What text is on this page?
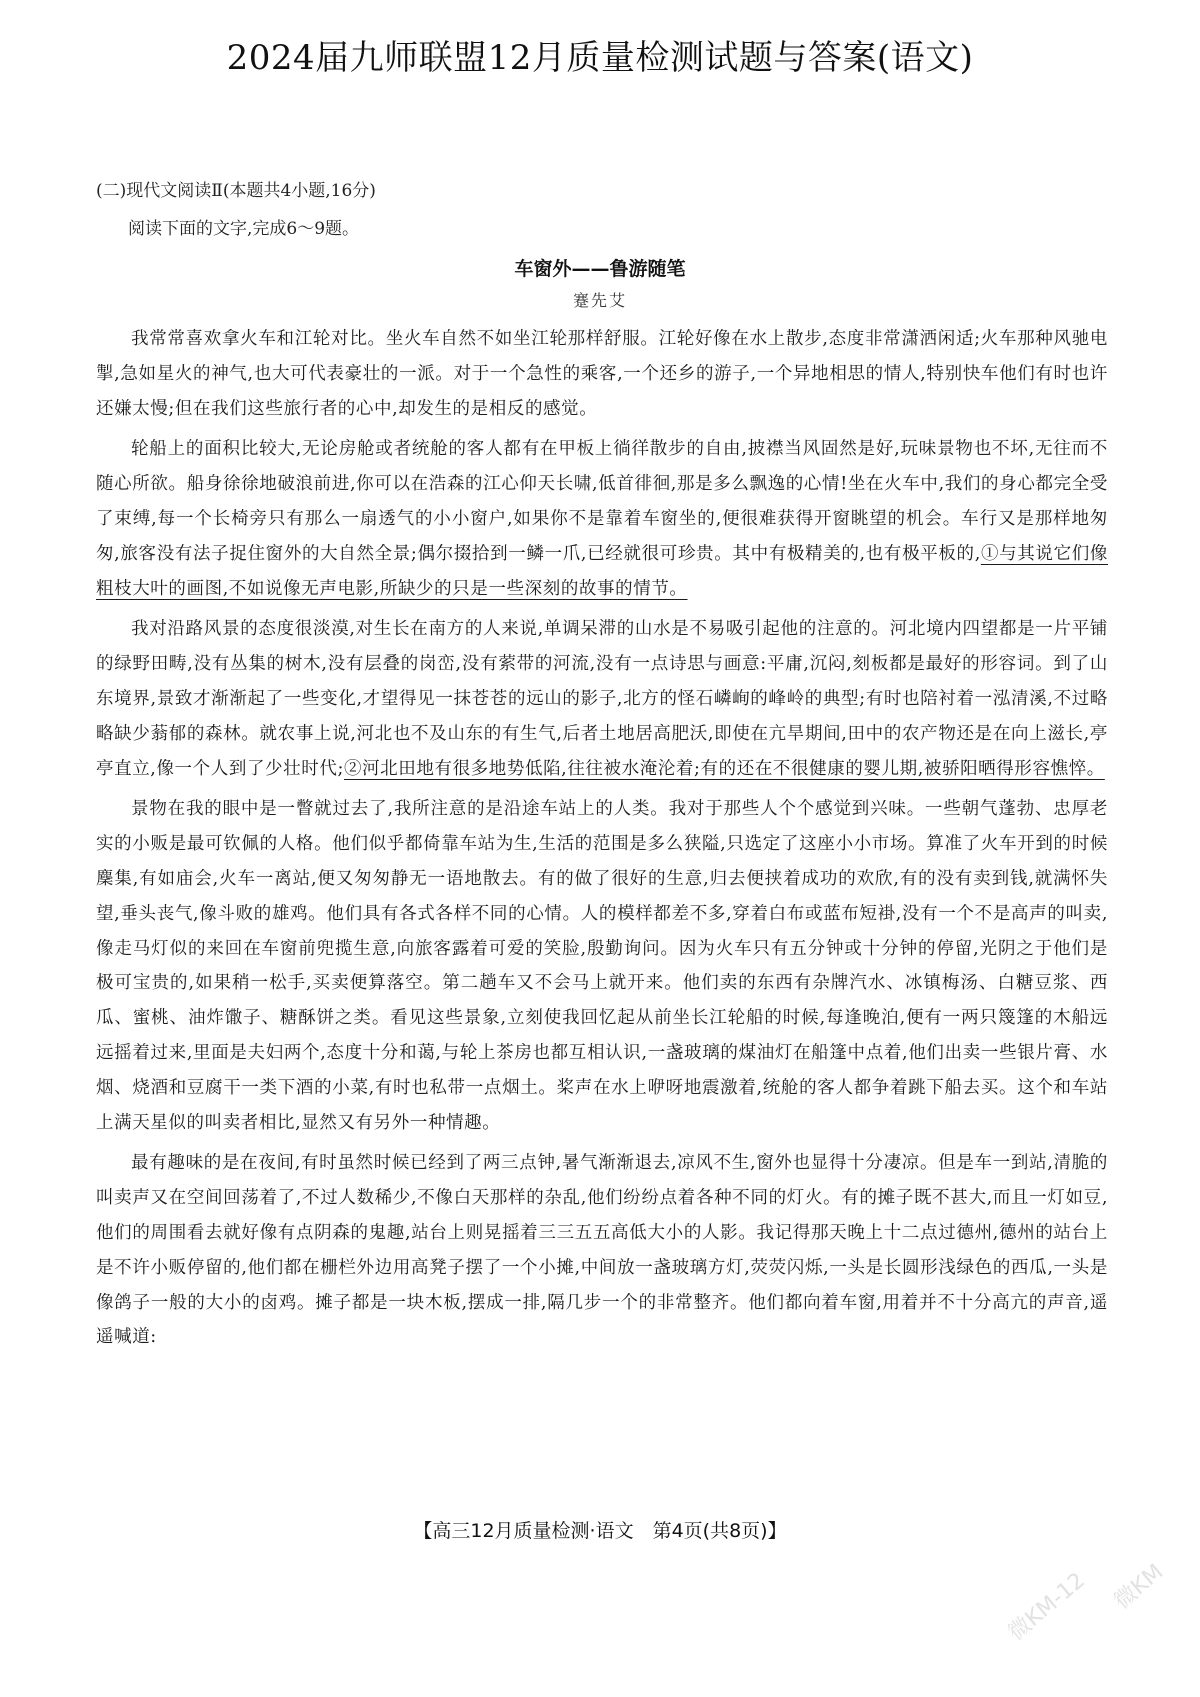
2024届九师联盟12月质量检测试题与答案(语文)
(二)现代文阅读Ⅱ(本题共4小题,16分)
阅读下面的文字,完成6～9题。
车窗外——鲁游随笔
蹇先艾

我常常喜欢拿火车和江轮对比。坐火车自然不如坐江轮那样舒服。江轮好像在水上散步,态度非常潇洒闲适;火车那种风驰电掣,急如星火的神气,也大可代表豪壮的一派。对于一个急性的乘客,一个还乡的游子,一个异地相思的情人,特别快车他们有时也许还嫌太慢;但在我们这些旅行者的心中,却发生的是相反的感觉。

轮船上的面积比较大,无论房舱或者统舱的客人都有在甲板上徜徉散步的自由,披襟当风固然是好,玩味景物也不坏,无往而不随心所欲。船身徐徐地破浪前进,你可以在浩森的江心仰天长啸,低首徘徊,那是多么飘逸的心情!坐在火车中,我们的身心都完全受了束缚,每一个长椅旁只有那么一扇透气的小小窗户,如果你不是靠着车窗坐的,便很难获得开窗眺望的机会。车行又是那样地匆匆,旅客没有法子捉住窗外的大自然全景;偶尔掇拾到一鳞一爪,已经就很可珍贵。其中有极精美的,也有极平板的,①与其说它们像粗枝大叶的画图,不如说像无声电影,所缺少的只是一些深刻的故事的情节。

我对沿路风景的态度很淡漠,对生长在南方的人来说,单调呆滞的山水是不易吸引起他的注意的。河北境内四望都是一片平铺的绿野田畴,没有丛集的树木,没有层叠的岗峦,没有萦带的河流,没有一点诗思与画意:平庸,沉闷,刻板都是最好的形容词。到了山东境界,景致才渐渐起了一些变化,才望得见一抹苍苍的远山的影子,北方的怪石嶙峋的峰岭的典型;有时也陪衬着一泓清溪,不过略略缺少蓊郁的森林。就农事上说,河北也不及山东的有生气,后者土地居高肥沃,即使在亢旱期间,田中的农产物还是在向上滋长,亭亭直立,像一个人到了少壮时代;②河北田地有很多地势低陷,往往被水淹沦着;有的还在不很健康的婴儿期,被骄阳晒得形容憔悴。

景物在我的眼中是一瞥就过去了,我所注意的是沿途车站上的人类。我对于那些人个个感觉到兴味。一些朝气蓬勃、忠厚老实的小贩是最可钦佩的人格。他们似乎都倚靠车站为生,生活的范围是多么狭隘,只选定了这座小小市场。算准了火车开到的时候麇集,有如庙会,火车一离站,便又匆匆静无一语地散去。有的做了很好的生意,归去便挟着成功的欢欣,有的没有卖到钱,就满怀失望,垂头丧气,像斗败的雄鸡。他们具有各式各样不同的心情。人的模样都差不多,穿着白布或蓝布短褂,没有一个不是高声的叫卖,像走马灯似的来回在车窗前兜揽生意,向旅客露着可爱的笑脸,殷勤询问。因为火车只有五分钟或十分钟的停留,光阴之于他们是极可宝贵的,如果稍一松手,买卖便算落空。第二趟车又不会马上就开来。他们卖的东西有杂牌汽水、冰镇梅汤、白糖豆浆、西瓜、蜜桃、油炸馓子、糖酥饼之类。看见这些景象,立刻使我回忆起从前坐长江轮船的时候,每逢晚泊,便有一两只篾篷的木船远远摇着过来,里面是夫妇两个,态度十分和蔼,与轮上茶房也都互相认识,一盏玻璃的煤油灯在船篷中点着,他们出卖一些银片膏、水烟、烧酒和豆腐干一类下酒的小菜,有时也私带一点烟土。桨声在水上咿呀地震激着,统舱的客人都争着跳下船去买。这个和车站上满天星似的叫卖者相比,显然又有另外一种情趣。

最有趣味的是在夜间,有时虽然时候已经到了两三点钟,暑气渐渐退去,凉风不生,窗外也显得十分凄凉。但是车一到站,清脆的叫卖声又在空间回荡着了,不过人数稀少,不像白天那样的杂乱,他们纷纷点着各种不同的灯火。有的摊子既不甚大,而且一灯如豆,他们的周围看去就好像有点阴森的鬼趣,站台上则晃摇着三三五五高低大小的人影。我记得那天晚上十二点过德州,德州的站台上是不许小贩停留的,他们都在栅栏外边用高凳子摆了一个小摊,中间放一盏玻璃方灯,荧荧闪烁,一头是长圆形浅绿色的西瓜,一头是像鸽子一般的大小的卤鸡。摊子都是一块木板,摆成一排,隔几步一个的非常整齐。他们都向着车窗,用着并不十分高亢的声音,遥遥喊道:

【高三12月质量检测·语文　第4页(共8页)】
微KM-12 微KM
